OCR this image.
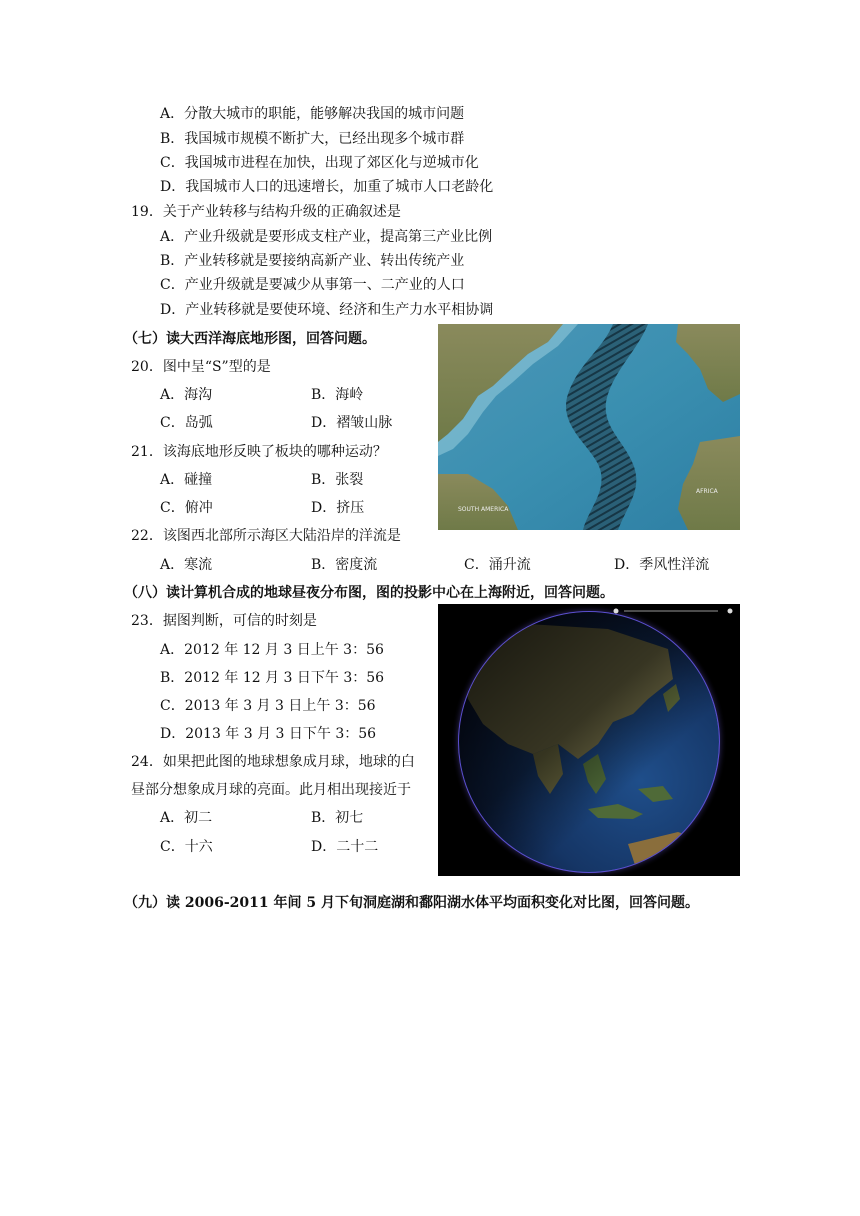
A．分散大城市的职能，能够解决我国的城市问题
B．我国城市规模不断扩大，已经出现多个城市群
C．我国城市进程在加快，出现了郊区化与逆城市化
D．我国城市人口的迅速增长，加重了城市人口老龄化
19．关于产业转移与结构升级的正确叙述是
A．产业升级就是要形成支柱产业，提高第三产业比例
B．产业转移就是要接纳高新产业、转出传统产业
C．产业升级就是要减少从事第一、二产业的人口
D．产业转移就是要使环境、经济和生产力水平相协调
（七）读大西洋海底地形图，回答问题。
20．图中呈“S”型的是
A．海沟	B．海岭
C．岛弧	D．褶皱山脉
21．该海底地形反映了板块的哪种运动？
A．碰撞	B．张裂
C．俯冲	D．挤压
22．该图西北部所示海区大陆沿岸的洋流是
A．寒流	B．密度流	C．涌升流	D．季风性洋流
SOUTH AMERICA
AFRICA
（八）读计算机合成的地球昼夜分布图，图的投影中心在上海附近，回答问题。
23．据图判断，可信的时刻是
A．2012 年 12 月 3 日上午 3：56
B．2012 年 12 月 3 日下午 3：56
C．2013 年 3 月 3 日上午 3：56
D．2013 年 3 月 3 日下午 3：56
24．如果把此图的地球想象成月球，地球的白
昼部分想象成月球的亮面。此月相出现接近于
A．初二	B．初七
C．十六	D．二十二
（九）读 2006-2011 年间 5 月下旬洞庭湖和鄱阳湖水体平均面积变化对比图，回答问题。
